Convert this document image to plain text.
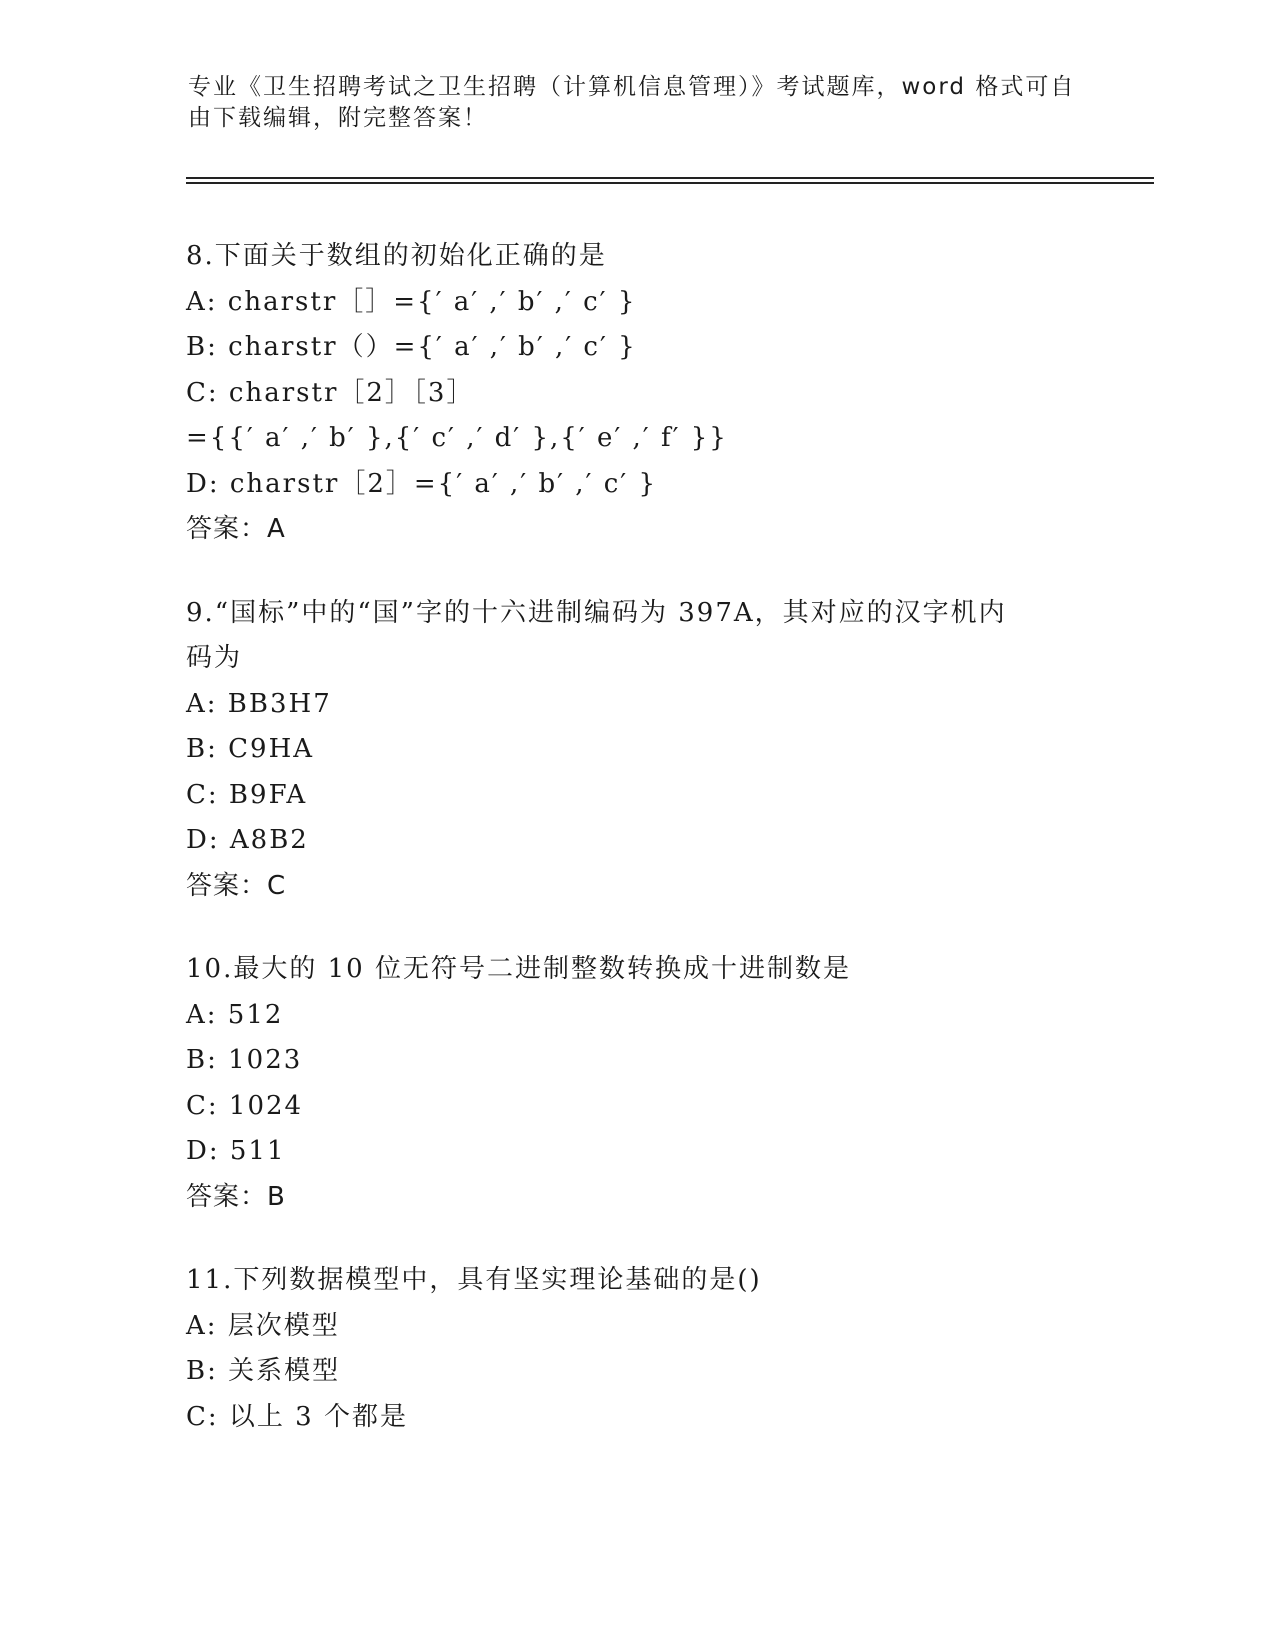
专业《卫生招聘考试之卫生招聘（计算机信息管理）》考试题库，word 格式可自
由下载编辑，附完整答案！
8.下面关于数组的初始化正确的是
A: charstr［］={′ a′ ,′ b′ ,′ c′ }
B: charstr（）={′ a′ ,′ b′ ,′ c′ }
C: charstr［2］［3］
={{′ a′ ,′ b′ },{′ c′ ,′ d′ },{′ e′ ,′ f′ }}
D: charstr［2］={′ a′ ,′ b′ ,′ c′ }
答案：A
9.“国标”中的“国”字的十六进制编码为 397A，其对应的汉字机内
码为
A: BB3H7
B: C9HA
C: B9FA
D: A8B2
答案：C
10.最大的 10 位无符号二进制整数转换成十进制数是
A: 512
B: 1023
C: 1024
D: 511
答案：B
11.下列数据模型中，具有坚实理论基础的是()
A: 层次模型
B: 关系模型
C: 以上 3 个都是
